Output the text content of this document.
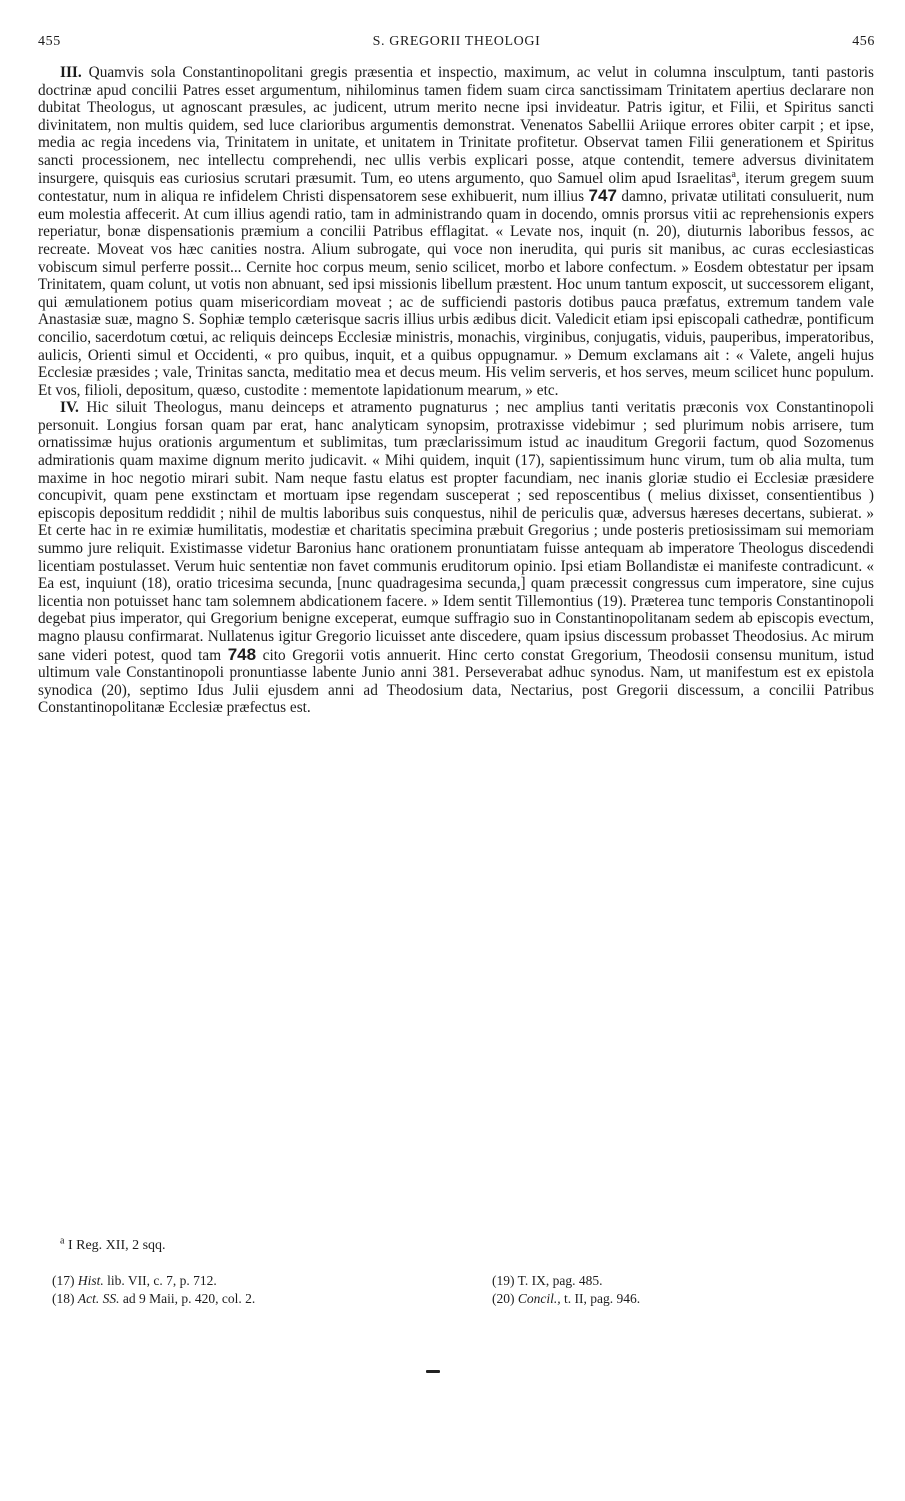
455	S. GREGORII THEOLOGI	456

III. Quamvis sola Constantinopolitani gregis præsentia et inspectio, maximum, ac velut in columna insculptum, tanti pastoris doctrinæ apud concilii Patres esset argumentum, nihilominus tamen fidem suam circa sanctissimam Trinitatem apertius declarare non dubitat Theologus, ut agnoscant præsules, ac judicent, utrum merito necne ipsi invideatur. Patris igitur, et Filii, et Spiritus sancti divinitatem, non multis quidem, sed luce clarioribus argumentis demonstrat. Venenatos Sabellii Ariique errores obiter carpit ; et ipse, media ac regia incedens via, Trinitatem in unitate, et unitatem in Trinitate profitetur. Observat tamen Filii generationem et Spiritus sancti processionem, nec intellectu comprehendi, nec ullis verbis explicari posse, atque contendit, temere adversus divinitatem insurgere, quisquis eas curiosius scrutari præsumit. Tum, eo utens argumento, quo Samuel olim apud Israelitas$^a$, iterum gregem suum contestatur, num in aliqua re infidelem Christi dispensatorem sese exhibuerit, num illius 747 damno, privatæ utilitati consuluerit, num eum molestia affecerit. At cum illius agendi ratio, tam in administrando quam in docendo, omnis prorsus vitii ac reprehensionis expers reperiatur, bonæ dispensationis præmium a concilii Patribus efflagitat. « Levate nos, inquit (n. 20), diuturnis laboribus fessos, ac recreate. Moveat vos hæc canities nostra. Alium subrogate, qui voce non inerudita, qui puris sit manibus, ac curas ecclesiasticas vobiscum simul perferre possit... Cernite hoc corpus meum, senio scilicet, morbo et labore confectum. » Eosdem obtestatur per ipsam Trinitatem, quam colunt, ut votis non abnuant, sed ipsi missionis libellum præstent. Hoc unum tantum exposcit, ut successorem eligant, qui æmulationem potius quam misericordiam moveat ; ac de sufficiendi pastoris dotibus pauca præfatus, extremum tandem vale Anastasiæ suæ, magno S. Sophiæ templo cæterisque sacris illius urbis ædibus dicit. Valedicit etiam ipsi episcopali cathedræ, pontificum concilio, sacerdotum cœtui, ac reliquis deinceps Ecclesiæ ministris, monachis, virginibus, conjugatis, viduis, pauperibus, imperatoribus, aulicis, Orienti simul et Occidenti, « pro quibus, inquit, et a quibus oppugnamur. » Demum exclamans ait : « Valete, angeli hujus Ecclesiæ præsides ; vale, Trinitas sancta, meditatio mea et decus meum. His velim serveris, et hos serves, meum scilicet hunc populum. Et vos, filioli, depositum, quæso, custodite : mementote lapidationum mearum, » etc.

IV. Hic siluit Theologus, manu deinceps et atramento pugnaturus ; nec amplius tanti veritatis præconis vox Constantinopoli personuit. Longius forsan quam par erat, hanc analyticam synopsim, protraxisse videbimur ; sed plurimum nobis arrisere, tum ornatissimæ hujus orationis argumentum et sublimitas, tum præclarissimum istud ac inauditum Gregorii factum, quod Sozomenus admirationis quam maxime dignum merito judicavit. « Mihi quidem, inquit (17), sapientissimum hunc virum, tum ob alia multa, tum maxime in hoc negotio mirari subit. Nam neque fastu elatus est propter facundiam, nec inanis gloriæ studio ei Ecclesiæ præsidere concupivit, quam pene exstinctam et mortuam ipse regendam susceperat ; sed reposcentibus ( melius dixisset, consentientibus ) episcopis depositum reddidit ; nihil de multis laboribus suis conquestus, nihil de periculis quæ, adversus hæreses decertans, subierat. » Et certe hac in re eximiæ humilitatis, modestiæ et charitatis specimina præbuit Gregorius ; unde posteris pretiosissimam sui memoriam summo jure reliquit. Existimasse videtur Baronius hanc orationem pronuntiatam fuisse antequam ab imperatore Theologus discedendi licentiam postulasset. Verum huic sententiæ non favet communis eruditorum opinio. Ipsi etiam Bollandistæ ei manifeste contradicunt. « Ea est, inquiunt (18), oratio tricesima secunda, [nunc quadragesima secunda,] quam præcessit congressus cum imperatore, sine cujus licentia non potuisset hanc tam solemnem abdicationem facere. » Idem sentit Tillemontius (19). Præterea tunc temporis Constantinopoli degebat pius imperator, qui Gregorium benigne exceperat, eumque suffragio suo in Constantinopolitanam sedem ab episcopis evectum, magno plausu confirmarat. Nullatenus igitur Gregorio licuisset ante discedere, quam ipsius discessum probasset Theodosius. Ac mirum sane videri potest, quod tam 748 cito Gregorii votis annuerit. Hinc certo constat Gregorium, Theodosii consensu munitum, istud ultimum vale Constantinopoli pronuntiasse labente Junio anni 381. Perseverabat adhuc synodus. Nam, ut manifestum est ex epistola synodica (20), septimo Idus Julii ejusdem anni ad Theodosium data, Nectarius, post Gregorii discessum, a concilii Patribus Constantinopolitanæ Ecclesiæ præfectus est.

$^a$ I Reg. XII, 2 sqq.
(17) Hist. lib. VII, c. 7, p. 712.
(18) Act. SS. ad 9 Maii, p. 420, col. 2.
(19) T. IX, pag. 485.
(20) Concil., t. II, pag. 946.
